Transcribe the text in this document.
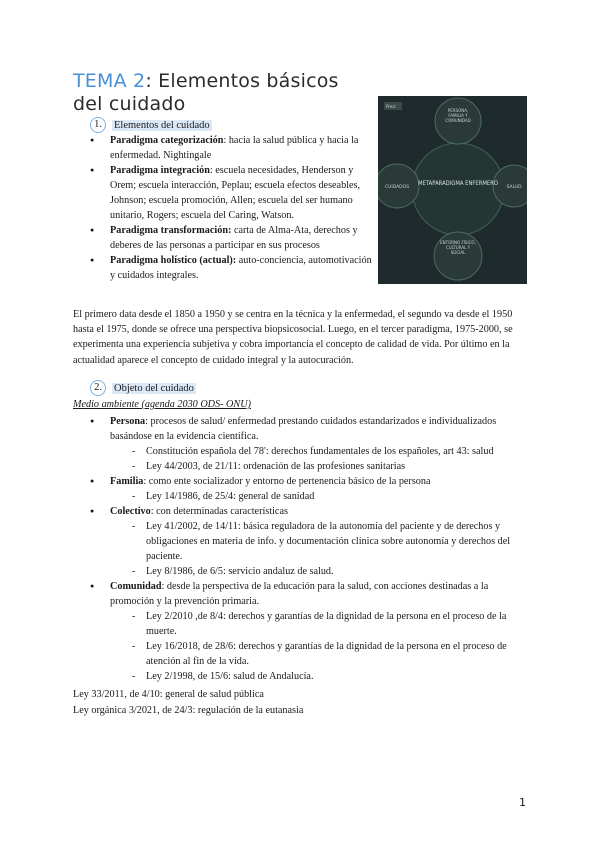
TEMA 2: Elementos básicos del cuidado	Prezi
METAPARADIGMA ENFERMERO
PERSONA, FAMILIA Y COMUNIDAD
CUIDADOS	SALUD
ENTORNO FÍSICO, CULTURAL Y SOCIAL
1.	Elementos del cuidado
● Paradigma categorización: hacia la salud pública y hacia la enfermedad. Nightingale
● Paradigma integración: escuela necesidades, Henderson y Orem; escuela interacción, Peplau; escuela efectos deseables, Johnson; escuela promoción, Allen; escuela del ser humano unitario, Rogers; escuela del Caring, Watson.
● Paradigma transformación: carta de Alma-Ata, derechos y deberes de las personas a participar en sus procesos
● Paradigma holístico (actual): auto-conciencia, automotivación y cuidados integrales.

El primero data desde el 1850 a 1950 y se centra en la técnica y la enfermedad, el segundo va desde el 1950 hasta el 1975, donde se ofrece una perspectiva biopsicosocial. Luego, en el tercer paradigma, 1975-2000, se experimenta una experiencia subjetiva y cobra importancia el concepto de calidad de vida. Por último en la actualidad aparece el concepto de cuidado integral y la autocuración.

2.	Objeto del cuidado
Medio ambiente (agenda 2030 ODS- ONU)
● Persona: procesos de salud/ enfermedad prestando cuidados estandarizados e individualizados basándose en la evidencia científica.
- Constitución española del 78': derechos fundamentales de los españoles, art 43: salud
- Ley 44/2003, de 21/11: ordenación de las profesiones sanitarias
● Familia: como ente socializador y entorno de pertenencia básico de la persona
- Ley 14/1986, de 25/4: general de sanidad
● Colectivo: con determinadas características
- Ley 41/2002, de 14/11: básica reguladora de la autonomía del paciente y de derechos y obligaciones en materia de info. y documentación clínica sobre autonomía y derechos del paciente.
- Ley 8/1986, de 6/5: servicio andaluz de salud.
● Comunidad: desde la perspectiva de la educación para la salud, con acciones destinadas a la promoción y la prevención primaria.
- Ley 2/2010 ,de 8/4: derechos y garantías de la dignidad de la persona en el proceso de la muerte.
- Ley 16/2018, de 28/6: derechos y garantías de la dignidad de la persona en el proceso de atención al fin de la vida.
- Ley 2/1998, de 15/6: salud de Andalucía.
Ley 33/2011, de 4/10: general de salud pública
Ley orgánica 3/2021, de 24/3: regulación de la eutanasia
1
